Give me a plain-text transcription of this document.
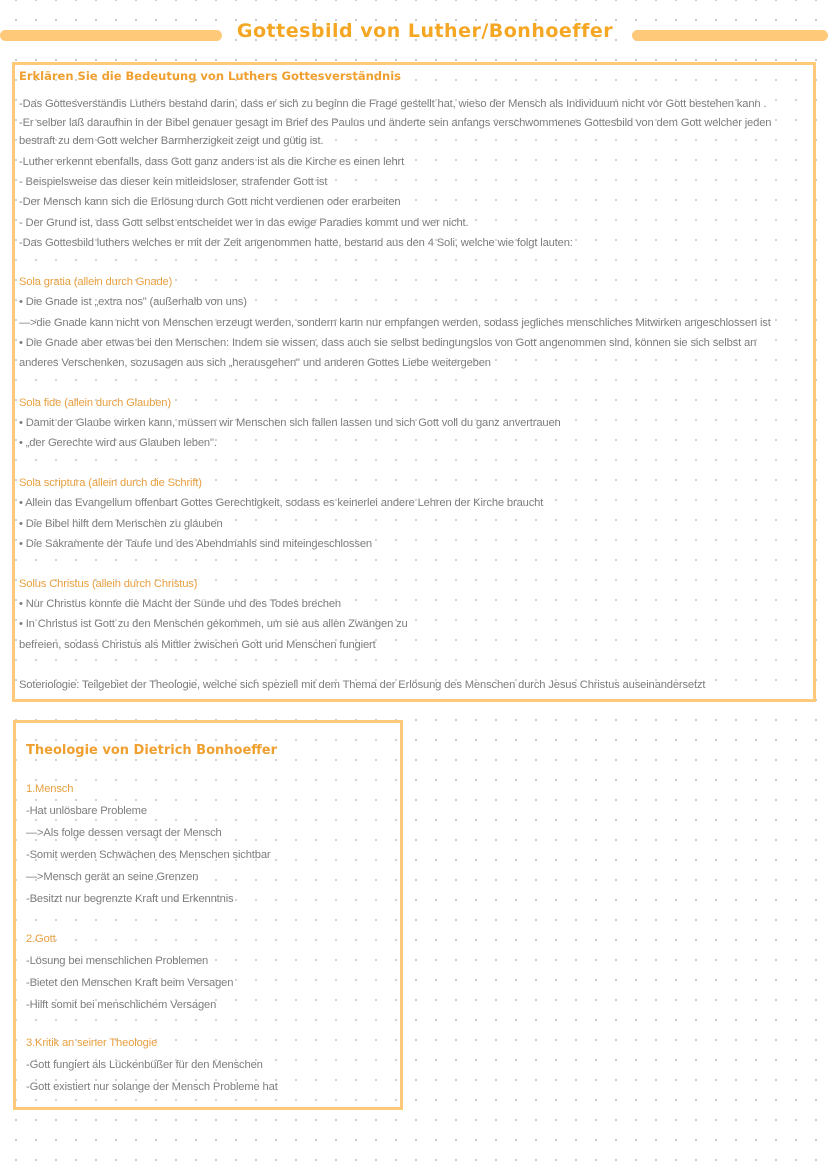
Gottesbild von Luther/Bonhoeffer
Erklären Sie die Bedeutung von Luthers Gottesverständnis
-Das Gottesverständis Luthers bestand darin, dass er sich zu beginn die Frage gestellt hat, wieso der Mensch als Individuum nicht vor Gott bestehen kann .
-Er selber laß daraufhin in der Bibel genauer gesagt im Brief des Paulus und änderte sein anfangs verschwommenes Gottesbild von dem Gott welcher jeden
bestraft zu dem Gott welcher Barmherzigkeit zeigt und gütig ist.
-Luther erkennt ebenfalls, dass Gott ganz anders ist als die Kirche es einen lehrt
- Beispielsweise das dieser kein mitleidsloser, strafender Gott ist
-Der Mensch kann sich die Erlösung durch Gott nicht verdienen oder erarbeiten
- Der Grund ist, dass Gott selbst entscheidet wer in das ewige Paradies kommt und wer nicht.
-Das Gottesbild luthers welches er mit der Zeit angenommen hatte, bestand aus den 4 Soli, welche wie folgt lauten:
Sola gratia (allein durch Gnade)
• Die Gnade ist „extra nos" (außerhalb von uns)
—>die Gnade kann nicht von Menschen erzeugt werden, sondern kann nur empfangen werden, sodass jegliches menschliches Mitwirken angeschlossen ist
• Die Gnade aber etwas bei den Menschen: Indem sie wissen, dass auch sie selbst bedingungslos von Gott angenommen sind, können sie sich selbst an
anderes Verschenken, sozusagen aus sich „herausgehen" und anderen Gottes Liebe weitergeben
Sola fide (allein durch Glauben)
• Damit der Glaube wirken kann, müssen wir Menschen sich fallen lassen und sich Gott voll du ganz anvertrauen
• „der Gerechte wird aus Glauben leben".
Sola scriptura (allein durch die Schrift)
• Allein das Evangelium offenbart Gottes Gerechtigkeit, sodass es keinerlei andere Lehren der Kirche braucht
• Die Bibel hilft dem Menschen zu glauben
• Die Sakramente der Taufe und des Abendmahls sind miteingeschlossen
Solus Christus (allein durch Christus)
• Nur Christus konnte die Macht der Sünde und des Todes brechen
• In Christus ist Gott zu den Menschen gekommen, um sie aus allen Zwängen zu
befreien, sodass Christus als Mittler zwischen Gott und Menschen fungiert
Soteriologie: Teilgebiet der Theologie, welche sich speziell mit dem Thema der Erlösung des Menschen durch Jesus Christus auseinandersetzt
Theologie von Dietrich Bonhoeffer
1.Mensch
-Hat unlösbare Probleme
—>Als folge dessen versagt der Mensch
-Somit werden Schwächen des Menschen sichtbar
—>Mensch gerät an seine Grenzen
-Besitzt nur begrenzte Kraft und Erkenntnis
2.Gott
-Lösung bei menschlichen Problemen
-Bietet den Menschen Kraft beim Versagen
-Hilft somit bei menschlichem Versagen
3.Kritik an seiner Theologie
-Gott fungiert als Lückenbüßer für den Menschen
-Gott existiert nur solange der Mensch Probleme hat
